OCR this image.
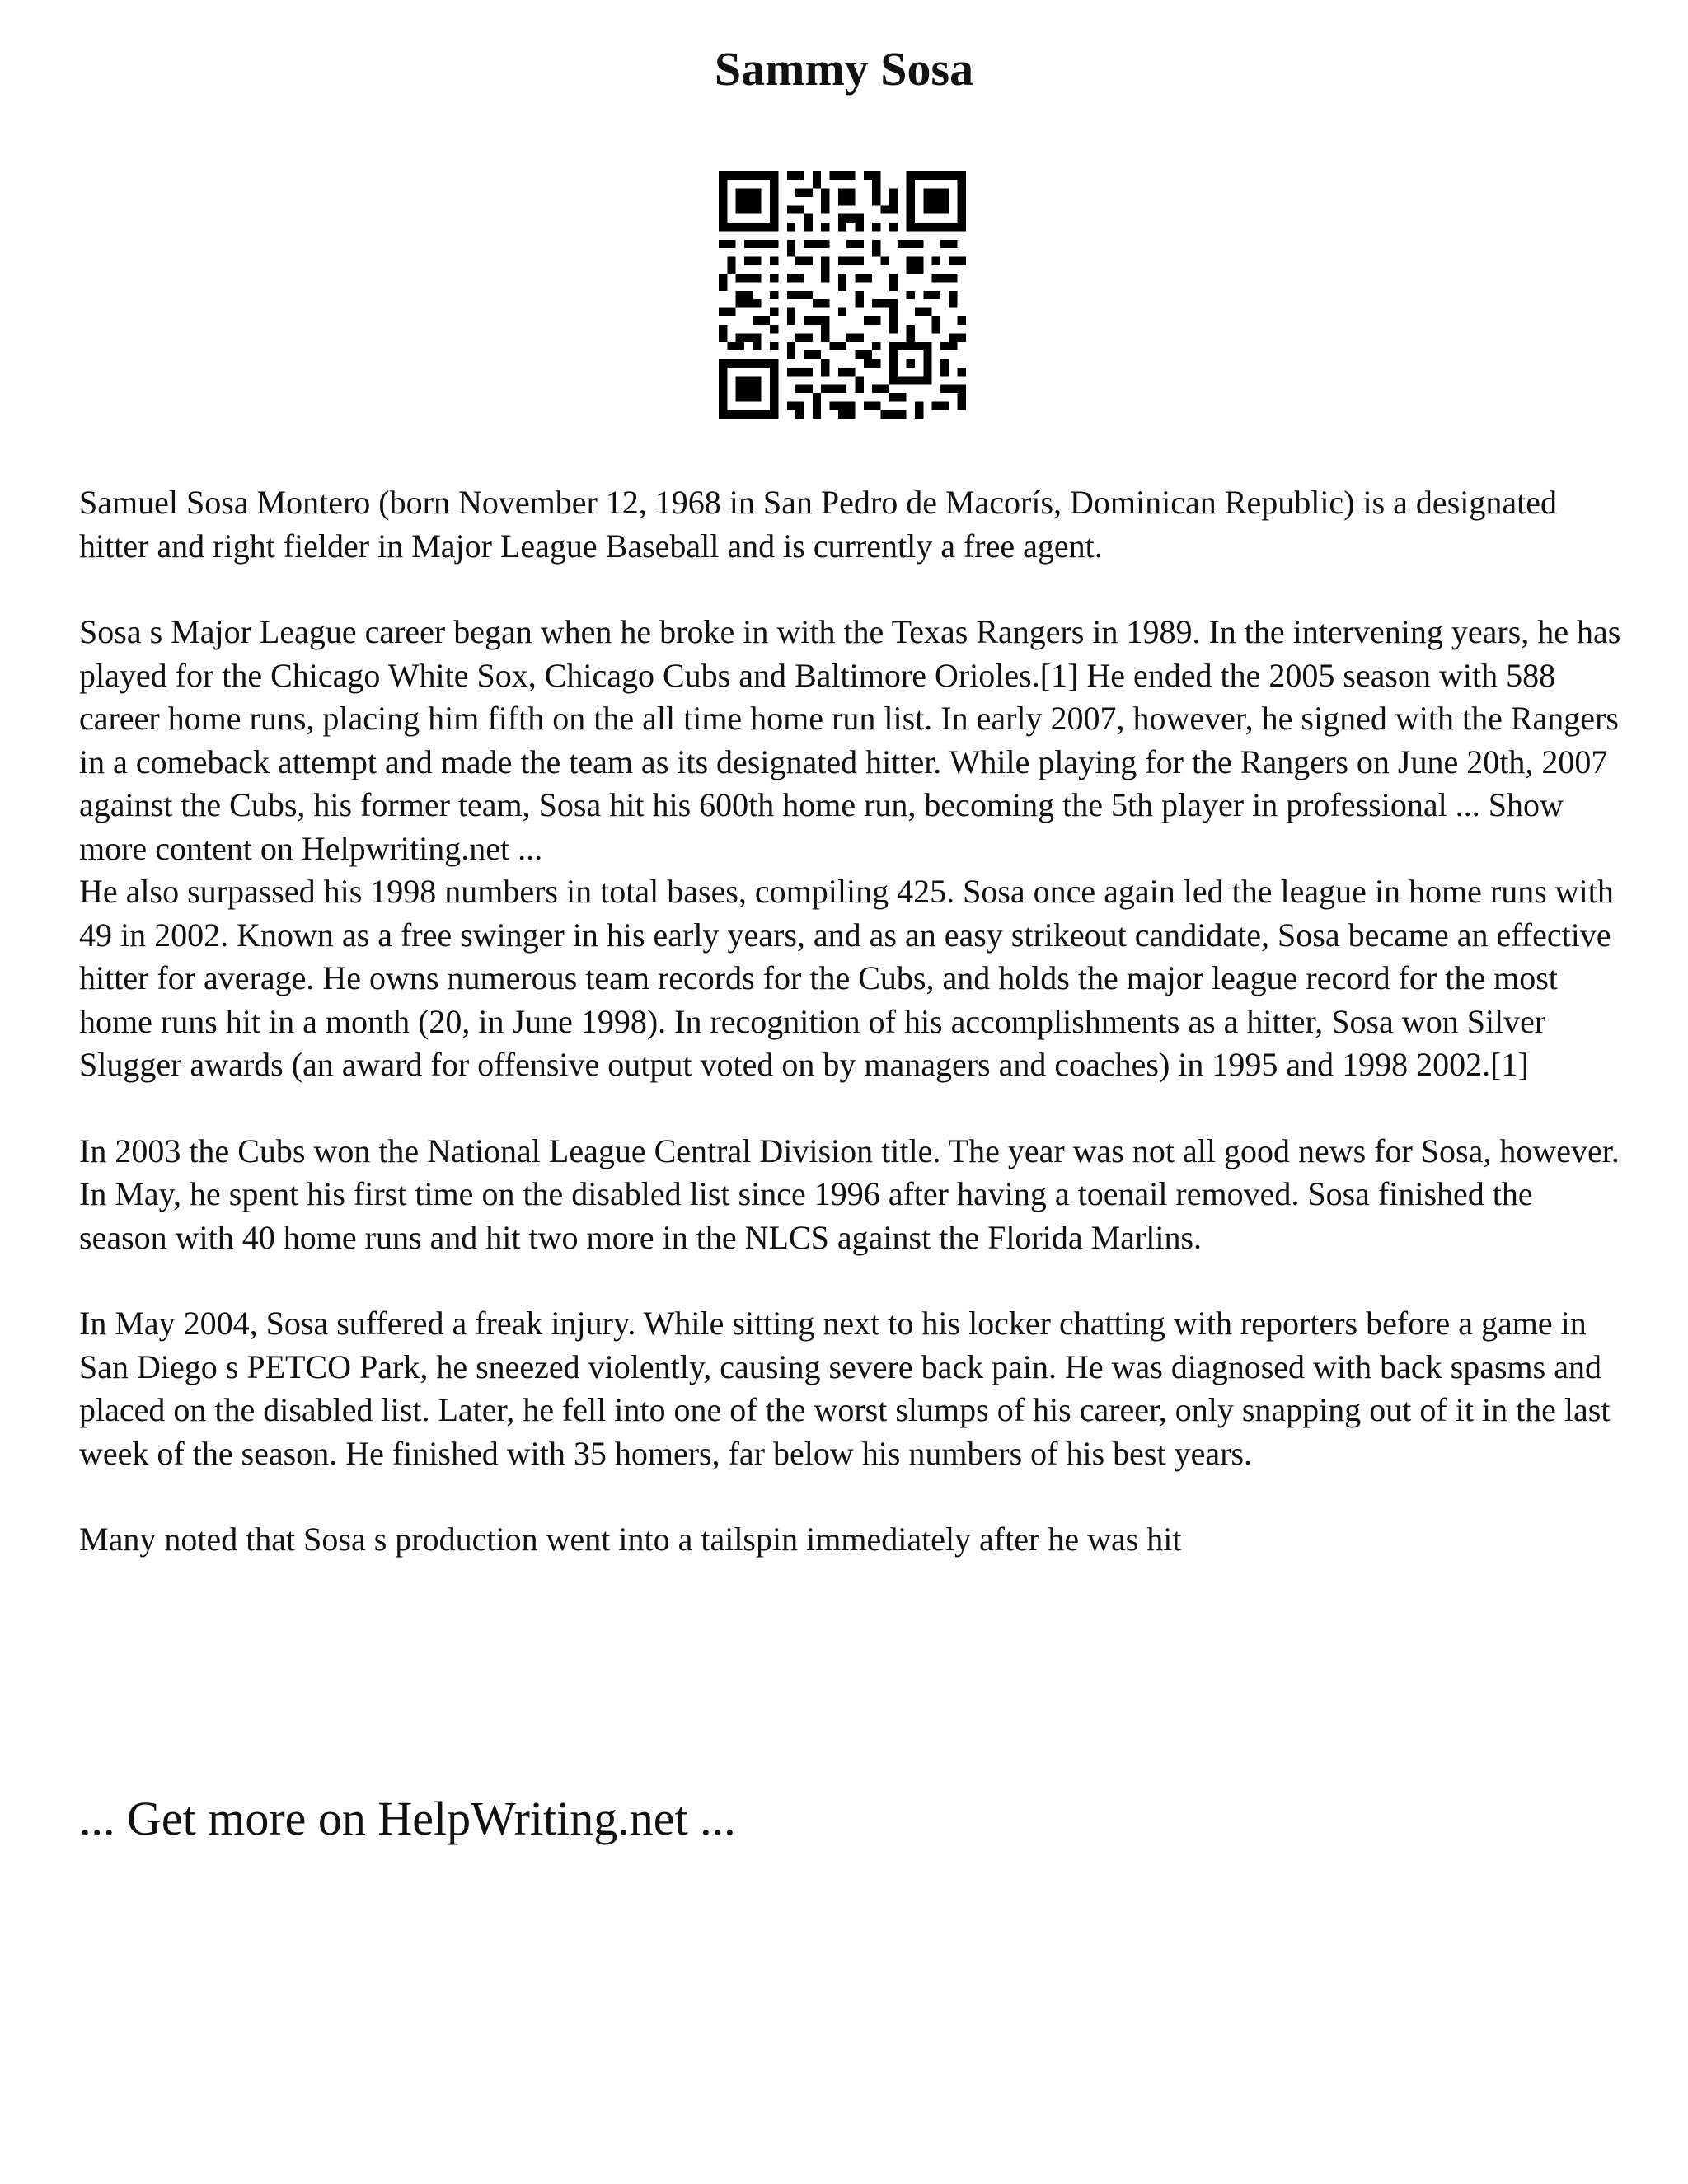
Sammy Sosa

Samuel Sosa Montero (born November 12, 1968 in San Pedro de Macorís, Dominican Republic) is a designated hitter and right fielder in Major League Baseball and is currently a free agent.

Sosa s Major League career began when he broke in with the Texas Rangers in 1989. In the intervening years, he has played for the Chicago White Sox, Chicago Cubs and Baltimore Orioles.[1] He ended the 2005 season with 588 career home runs, placing him fifth on the all time home run list. In early 2007, however, he signed with the Rangers in a comeback attempt and made the team as its designated hitter. While playing for the Rangers on June 20th, 2007 against the Cubs, his former team, Sosa hit his 600th home run, becoming the 5th player in professional ... Show more content on Helpwriting.net ...

He also surpassed his 1998 numbers in total bases, compiling 425. Sosa once again led the league in home runs with 49 in 2002. Known as a free swinger in his early years, and as an easy strikeout candidate, Sosa became an effective hitter for average. He owns numerous team records for the Cubs, and holds the major league record for the most home runs hit in a month (20, in June 1998). In recognition of his accomplishments as a hitter, Sosa won Silver Slugger awards (an award for offensive output voted on by managers and coaches) in 1995 and 1998 2002.[1]

In 2003 the Cubs won the National League Central Division title. The year was not all good news for Sosa, however. In May, he spent his first time on the disabled list since 1996 after having a toenail removed. Sosa finished the season with 40 home runs and hit two more in the NLCS against the Florida Marlins.

In May 2004, Sosa suffered a freak injury. While sitting next to his locker chatting with reporters before a game in San Diego s PETCO Park, he sneezed violently, causing severe back pain. He was diagnosed with back spasms and placed on the disabled list. Later, he fell into one of the worst slumps of his career, only snapping out of it in the last week of the season. He finished with 35 homers, far below his numbers of his best years.

Many noted that Sosa s production went into a tailspin immediately after he was hit

... Get more on HelpWriting.net ...
